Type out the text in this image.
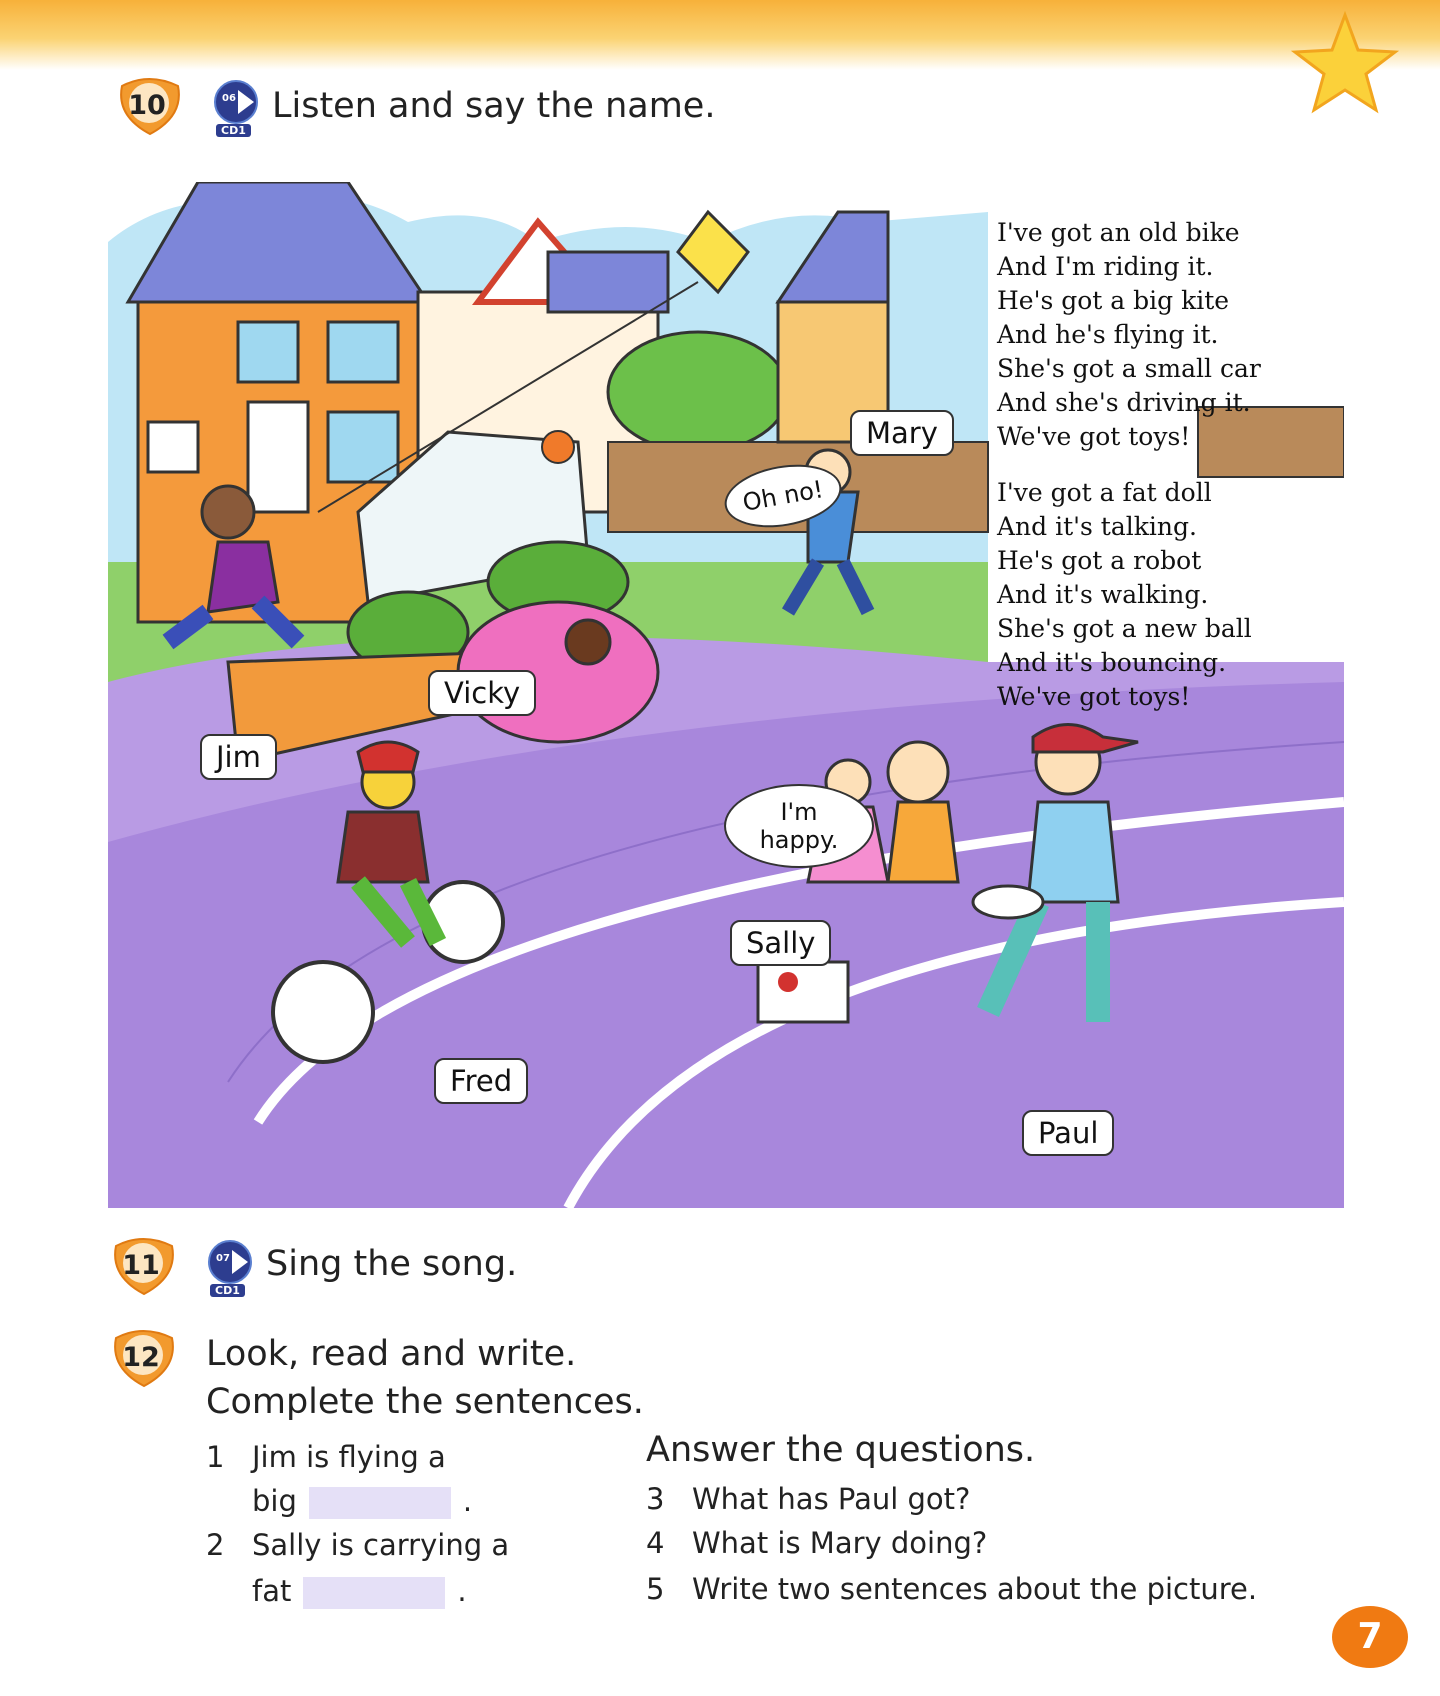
10	06
CD1
Listen and say the name.
I've got an old bike
And I'm riding it.
He's got a big kite
And he's flying it.
She's got a small car
And she's driving it.
We've got toys!
I've got a fat doll
And it's talking.
He's got a robot
And it's walking.
She's got a new ball
And it's bouncing.
We've got toys!
Mary
Vicky
Jim
Sally
Fred
Paul
Oh no!
I'm happy.
11	07
CD1
Sing the song.
12	Look, read and write.
Complete the sentences.
1 Jim is flying a
big	.
2 Sally is carrying a
fat	.
Answer the questions.
3 What has Paul got?
4 What is Mary doing?
5 Write two sentences about the picture.
7
